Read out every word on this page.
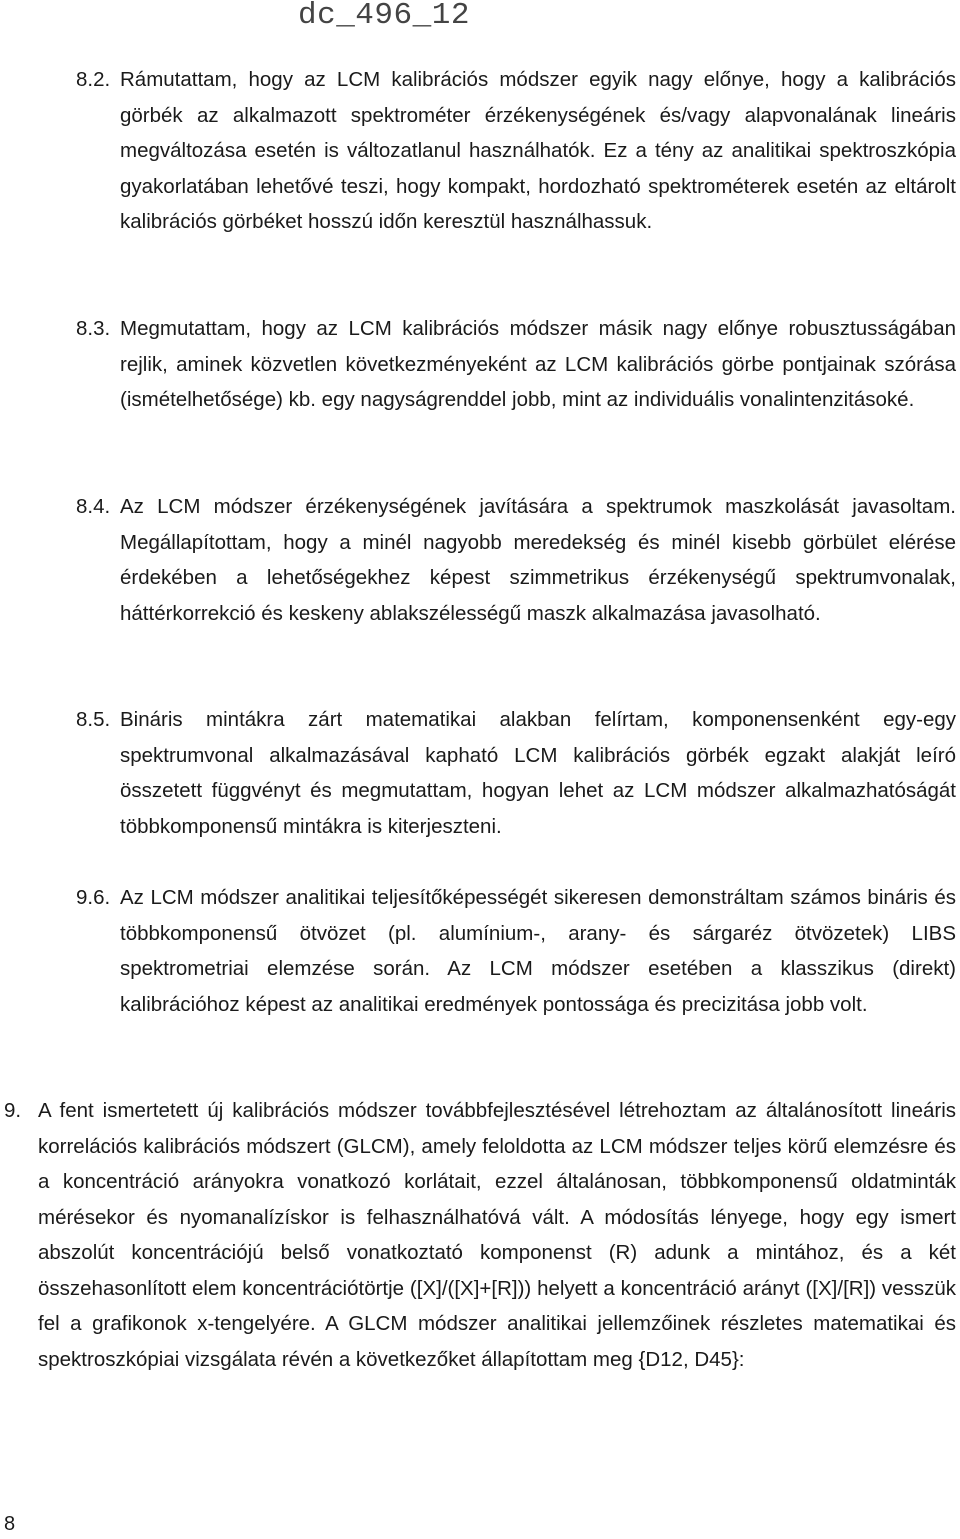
dc_496_12
8.2. Rámutattam, hogy az LCM kalibrációs módszer egyik nagy előnye, hogy a kalibrációs görbék az alkalmazott spektrométer érzékenységének és/vagy alapvonalának lineáris megváltozása esetén is változatlanul használhatók. Ez a tény az analitikai spektroszkópia gyakorlatában lehetővé teszi, hogy kompakt, hordozható spektrométerek esetén az eltárolt kalibrációs görbéket hosszú időn keresztül használhassuk.
8.3. Megmutattam, hogy az LCM kalibrációs módszer másik nagy előnye robusztusságában rejlik, aminek közvetlen következményeként az LCM kalibrációs görbe pontjainak szórása (ismételhetősége) kb. egy nagyságrenddel jobb, mint az individuális vonalintenzitásoké.
8.4. Az LCM módszer érzékenységének javítására a spektrumok maszkolását javasoltam. Megállapítottam, hogy a minél nagyobb meredekség és minél kisebb görbület elérése érdekében a lehetőségekhez képest szimmetrikus érzékenységű spektrumvonalak, háttérkorrekció és keskeny ablakszélességű maszk alkalmazása javasolható.
8.5. Bináris mintákra zárt matematikai alakban felírtam, komponensenként egy-egy spektrumvonal alkalmazásával kapható LCM kalibrációs görbék egzakt alakját leíró összetett függvényt és megmutattam, hogyan lehet az LCM módszer alkalmazhatóságát többkomponensű mintákra is kiterjeszteni.
9.6. Az LCM módszer analitikai teljesítőképességét sikeresen demonstráltam számos bináris és többkomponensű ötvözet (pl. alumínium-, arany- és sárgaréz ötvözetek) LIBS spektrometriai elemzése során. Az LCM módszer esetében a klasszikus (direkt) kalibrációhoz képest az analitikai eredmények pontossága és precizitása jobb volt.
9. A fent ismertetett új kalibrációs módszer továbbfejlesztésével létrehoztam az általánosított lineáris korrelációs kalibrációs módszert (GLCM), amely feloldotta az LCM módszer teljes körű elemzésre és a koncentráció arányokra vonatkozó korlátait, ezzel általánosan, többkomponensű oldatminták mérésekor és nyomanalízískor is felhasználhatóvá vált. A módosítás lényege, hogy egy ismert abszolút koncentrációjú belső vonatkoztató komponenst (R) adunk a mintához, és a két összehasonlított elem koncentrációtörtje ([X]/([X]+[R])) helyett a koncentráció arányt ([X]/[R]) vesszük fel a grafikonok x-tengelyére. A GLCM módszer analitikai jellemzőinek részletes matematikai és spektroszkópiai vizsgálata révén a következőket állapítottam meg {D12, D45}:
8
